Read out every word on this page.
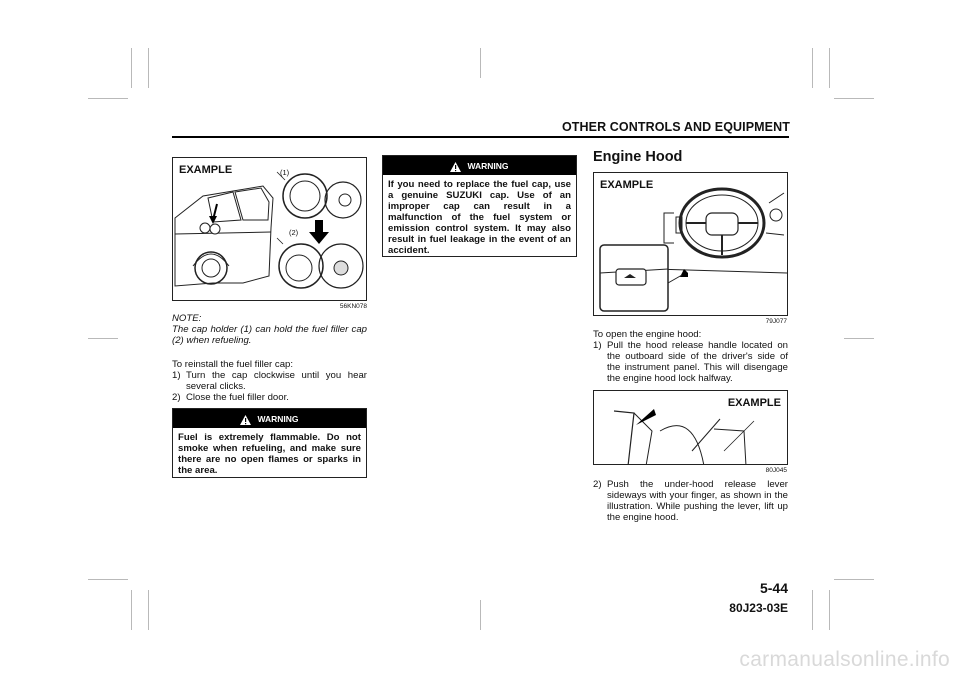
OTHER CONTROLS AND EQUIPMENT
EXAMPLE	(1)
(2)
56KN078
NOTE:
The cap holder (1) can hold the fuel filler cap (2) when refueling.
To reinstall the fuel filler cap:
1) Turn the cap clockwise until you hear several clicks.
2) Close the fuel filler door.
WARNING
Fuel is extremely flammable. Do not smoke when refueling, and make sure there are no open flames or sparks in the area.
WARNING
If you need to replace the fuel cap, use a genuine SUZUKI cap. Use of an improper cap can result in a malfunction of the fuel system or emission control system. It may also result in fuel leakage in the event of an accident.
Engine Hood
EXAMPLE
79J077
To open the engine hood:
1) Pull the hood release handle located on the outboard side of the driver's side of the instrument panel. This will disengage the engine hood lock halfway.
EXAMPLE
80J045
2) Push the under-hood release lever sideways with your finger, as shown in the illustration. While pushing the lever, lift up the engine hood.
5-44
80J23-03E
carmanualsonline.info
